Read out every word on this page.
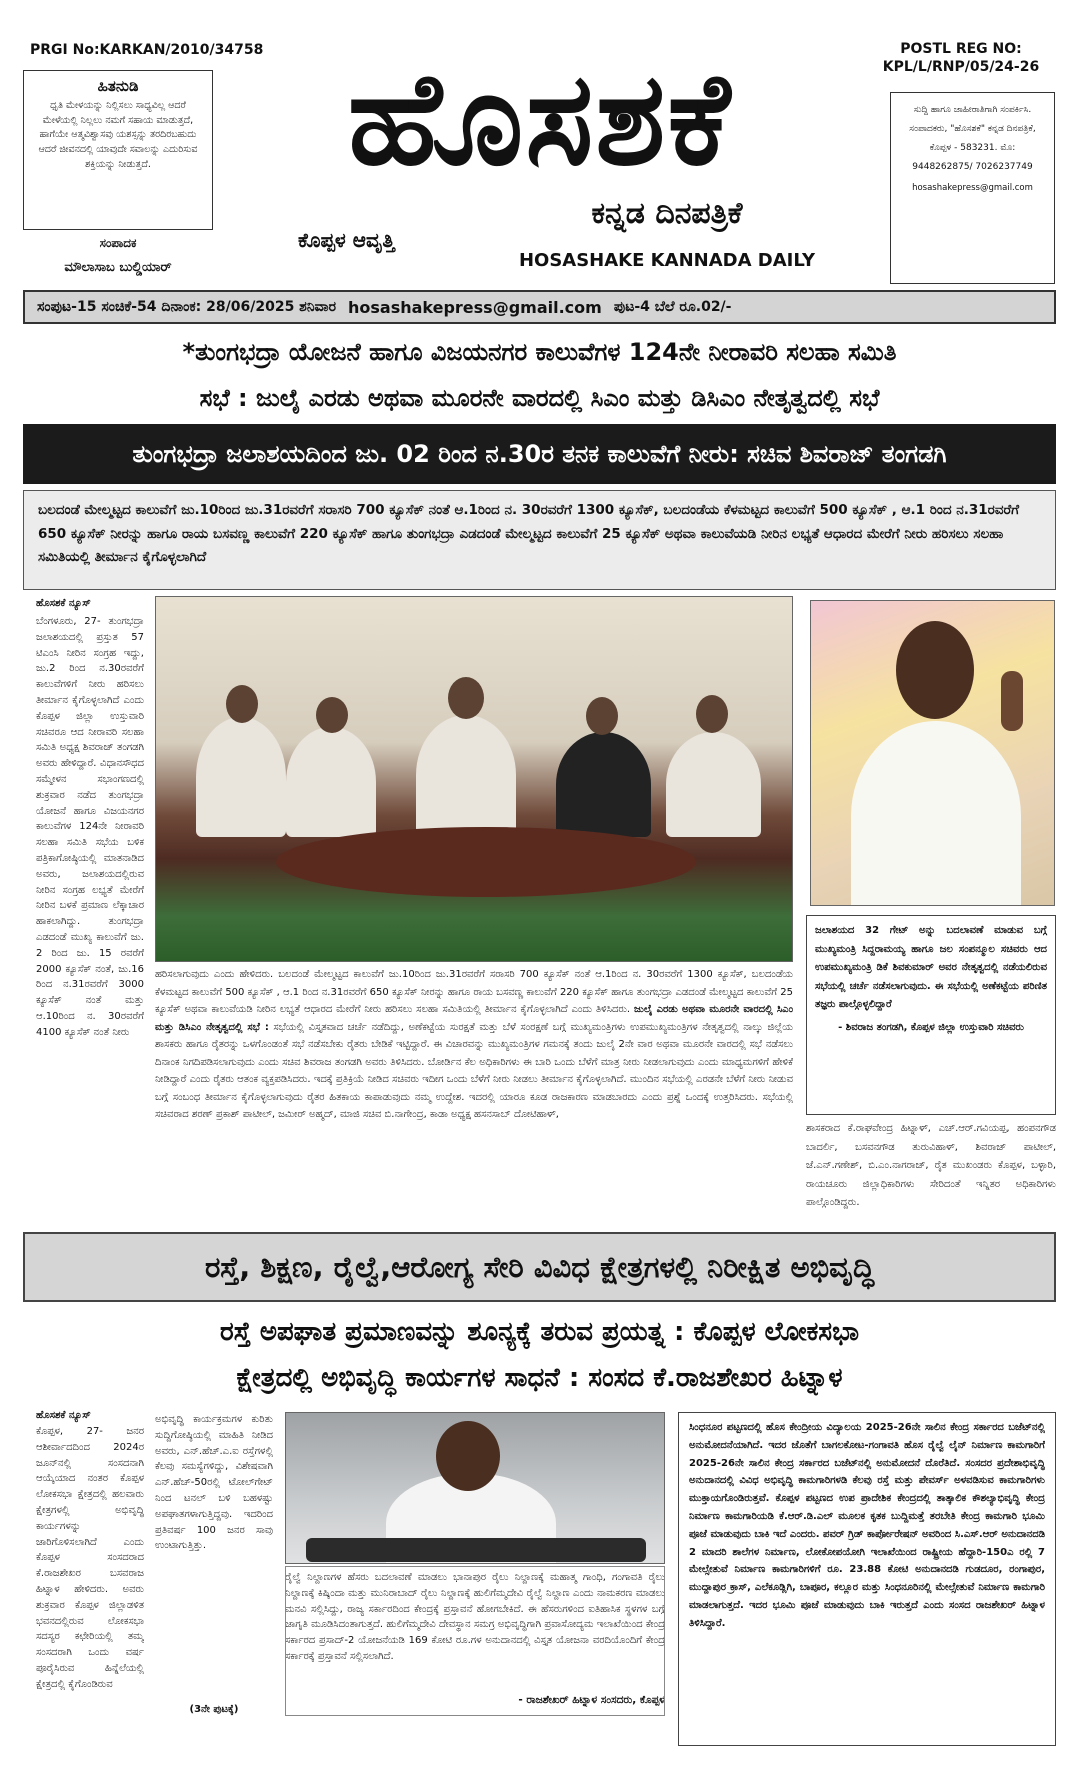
PRGI No:KARKAN/2010/34758	POSTL REG NO:
KPL/L/RNP/05/24-26
ಹಿತನುಡಿ
ಧೃತಿ ಮೇಳಯನ್ನು ನಿಲ್ಲಿಸಲು ಸಾಧ್ಯವಿಲ್ಲ ಆದರೆ ಮೇಳೆಯಲ್ಲಿ ನಿಲ್ಲಲು ನಮಗೆ ಸಹಾಯ ಮಾಡುತ್ತದೆ, ಹಾಗೆಯೇ ಆತ್ಮವಿಶ್ವಾಸವು ಯಶಸ್ಸನ್ನು ತರದಿರಬಹುದು ಆದರೆ ಜೀವನದಲ್ಲಿ ಯಾವುದೇ ಸವಾಲನ್ನು ಎದುರಿಸುವ ಶಕ್ತಿಯನ್ನು ನೀಡುತ್ತದೆ.
ಸಂಪಾದಕ
ಮೌಲಾಸಾಬ ಬುಲ್ಡಿಯಾರ್
ಹೊಸಶಕೆ
ಕೊಪ್ಪಳ ಆವೃತ್ತಿ
ಕನ್ನಡ ದಿನಪತ್ರಿಕೆ
HOSASHAKE KANNADA DAILY
ಸುದ್ದಿ ಹಾಗೂ ಜಾಹೀರಾತಿಗಾಗಿ ಸಂಪರ್ಕಿಸಿ. ಸಂಪಾದಕರು, "ಹೊಸಶಕೆ" ಕನ್ನಡ ದಿನಪತ್ರಿಕೆ, ಕೊಪ್ಪಳ - 583231. ಮೊ: 9448262875/ 7026237749
hosashakepress@gmail.com
ಸಂಪುಟ-15 ಸಂಚಿಕೆ-54 ದಿನಾಂಕ: 28/06/2025 ಶನಿವಾರ hosashakepress@gmail.com ಪುಟ-4 ಬೆಲೆ ರೂ.02/-
*ತುಂಗಭದ್ರಾ ಯೋಜನೆ ಹಾಗೂ ವಿಜಯನಗರ ಕಾಲುವೆಗಳ 124ನೇ ನೀರಾವರಿ ಸಲಹಾ ಸಮಿತಿ
ಸಭೆ : ಜುಲೈ ಎರಡು ಅಥವಾ ಮೂರನೇ ವಾರದಲ್ಲಿ ಸಿಎಂ ಮತ್ತು ಡಿಸಿಎಂ ನೇತೃತ್ವದಲ್ಲಿ ಸಭೆ
ತುಂಗಭದ್ರಾ ಜಲಾಶಯದಿಂದ ಜು. 02 ರಿಂದ ನ.30ರ ತನಕ ಕಾಲುವೆಗೆ ನೀರು: ಸಚಿವ ಶಿವರಾಜ್ ತಂಗಡಗಿ
ಬಲದಂಡೆ ಮೇಲ್ಮಟ್ಟದ ಕಾಲುವೆಗೆ ಜು.10ರಿಂದ ಜು.31ರವರೆಗೆ ಸರಾಸರಿ 700 ಕ್ಯೂಸೆಕ್ ನಂತೆ ಆ.1ರಿಂದ ನ. 30ರವರೆಗೆ 1300 ಕ್ಯೂಸೆಕ್, ಬಲದಂಡೆಯ ಕೆಳಮಟ್ಟದ ಕಾಲುವೆಗೆ 500 ಕ್ಯೂಸೆಕ್ , ಆ.1 ರಿಂದ ನ.31ರವರೆಗೆ 650 ಕ್ಯೂಸೆಕ್ ನೀರನ್ನು ಹಾಗೂ ರಾಯ ಬಸವಣ್ಣ ಕಾಲುವೆಗೆ 220 ಕ್ಯೂಸೆಕ್ ಹಾಗೂ ತುಂಗಭದ್ರಾ ಎಡದಂಡೆ ಮೇಲ್ಮಟ್ಟದ ಕಾಲುವೆಗೆ 25 ಕ್ಯೂಸೆಕ್ ಅಥವಾ ಕಾಲುವೆಯಡಿ ನೀರಿನ ಲಭ್ಯತೆ ಆಧಾರದ ಮೇರೆಗೆ ನೀರು ಹರಿಸಲು ಸಲಹಾ ಸಮಿತಿಯಲ್ಲಿ ತೀರ್ಮಾನ ಕೈಗೊಳ್ಳಲಾಗಿದೆ
ಹೊಸಶಕೆ ನ್ಯೂಸ್
ಬೆಂಗಳೂರು, 27- ತುಂಗಭದ್ರಾ ಜಲಾಶಯದಲ್ಲಿ ಪ್ರಸ್ತುತ 57 ಟಿಎಂಸಿ ನೀರಿನ ಸಂಗ್ರಹ ಇದ್ದು, ಜು.2 ರಿಂದ ನ.30ರವರೆಗೆ ಕಾಲುವೆಗಳಿಗೆ ನೀರು ಹರಿಸಲು ತೀರ್ಮಾನ ಕೈಗೊಳ್ಳಲಾಗಿದೆ ಎಂದು ಕೊಪ್ಪಳ ಜಿಲ್ಲಾ ಉಸ್ತುವಾರಿ ಸಚಿವರೂ ಆದ ನೀರಾವರಿ ಸಲಹಾ ಸಮಿತಿ ಅಧ್ಯಕ್ಷ ಶಿವರಾಜ್ ತಂಗಡಗಿ ಅವರು ಹೇಳಿದ್ದಾರೆ. ವಿಧಾನಸೌಧದ ಸಮ್ಮೇಳನ ಸಭಾಂಗಣದಲ್ಲಿ ಶುಕ್ರವಾರ ನಡೆದ ತುಂಗಭದ್ರಾ ಯೋಜನೆ ಹಾಗೂ ವಿಜಯನಗರ ಕಾಲುವೆಗಳ 124ನೇ ನೀರಾವರಿ ಸಲಹಾ ಸಮಿತಿ ಸಭೆಯ ಬಳಿಕ ಪತ್ರಿಕಾಗೋಷ್ಠಿಯಲ್ಲಿ ಮಾತನಾಡಿದ ಅವರು, ಜಲಾಶಯದಲ್ಲಿರುವ ನೀರಿನ ಸಂಗ್ರಹ ಲಭ್ಯತೆ ಮೇರೆಗೆ ನೀರಿನ ಬಳಕೆ ಪ್ರಮಾಣ ಲೆಕ್ಕಾಚಾರ ಹಾಕಲಾಗಿದ್ದು. ತುಂಗಭದ್ರಾ ಎಡದಂಡೆ ಮುಖ್ಯ ಕಾಲುವೆಗೆ ಜು. 2 ರಿಂದ ಜು. 15 ರವರೆಗೆ 2000 ಕ್ಯೂಸೆಕ್ ನಂತೆ, ಜು.16 ರಿಂದ ನ.31ರವರೆಗೆ 3000 ಕ್ಯೂಸೆಕ್ ನಂತೆ ಮತ್ತು ಆ.10ರಿಂದ ನ. 30ರವರೆಗೆ 4100 ಕ್ಯೂಸೆಕ್ ನಂತೆ ನೀರು
ಜಲಾಶಯದ 32 ಗೇಟ್ ಅನ್ನು ಬದಲಾವಣೆ ಮಾಡುವ ಬಗ್ಗೆ ಮುಖ್ಯಮಂತ್ರಿ ಸಿದ್ದರಾಮಯ್ಯ ಹಾಗೂ ಜಲ ಸಂಪನ್ಮೂಲ ಸಚಿವರು ಆದ ಉಪಮುಖ್ಯಮಂತ್ರಿ ಡಿಕೆ ಶಿವಕುಮಾರ್ ಅವರ ನೇತೃತ್ವದಲ್ಲಿ ನಡೆಯಲಿರುವ ಸಭೆಯಲ್ಲಿ ಚರ್ಚೆ ನಡೆಸಲಾಗುವುದು. ಈ ಸಭೆಯಲ್ಲಿ ಅಣೆಕಟ್ಟೆಯ ಪರಿಣಿತ ತಜ್ಞರು ಪಾಲ್ಗೊಳ್ಳಲಿದ್ದಾರೆ
- ಶಿವರಾಜ ತಂಗಡಗಿ, ಕೊಪ್ಪಳ ಜಿಲ್ಲಾ ಉಸ್ತುವಾರಿ ಸಚಿವರು
ಶಾಸಕರಾದ ಕೆ.ರಾಘವೇಂದ್ರ ಹಿಟ್ನಾಳ್, ಎಚ್.ಆರ್.ಗವಿಯಪ್ಪ, ಹಂಪನಗೌಡ ಬಾದರ್ಲಿ, ಬಸವನಗೌಡ ತುರುವಿಹಾಳ್, ಶಿವರಾಜ್ ಪಾಟೀಲ್, ಜೆ.ಎನ್.ಗಣೇಶ್, ಬಿ.ಎಂ.ನಾಗರಾಜ್, ರೈತ ಮುಖಂಡರು ಕೊಪ್ಪಳ, ಬಳ್ಳಾರಿ, ರಾಯಚೂರು ಜಿಲ್ಲಾಧಿಕಾರಿಗಳು ಸೇರಿದಂತೆ ಇನ್ನಿತರ ಅಧಿಕಾರಿಗಳು ಪಾಲ್ಗೊಂಡಿದ್ದರು.
ಹರಿಸಲಾಗುವುದು ಎಂದು ಹೇಳಿದರು. ಬಲದಂಡೆ ಮೇಲ್ಮಟ್ಟದ ಕಾಲುವೆಗೆ ಜು.10ರಿಂದ ಜು.31ರವರೆಗೆ ಸರಾಸರಿ 700 ಕ್ಯೂಸೆಕ್ ನಂತೆ ಆ.1ರಿಂದ ನ. 30ರವರೆಗೆ 1300 ಕ್ಯೂಸೆಕ್, ಬಲದಂಡೆಯ ಕೆಳಮಟ್ಟದ ಕಾಲುವೆಗೆ 500 ಕ್ಯೂಸೆಕ್ , ಆ.1 ರಿಂದ ನ.31ರವರೆಗೆ 650 ಕ್ಯೂಸೆಕ್ ನೀರನ್ನು ಹಾಗೂ ರಾಯ ಬಸವಣ್ಣ ಕಾಲುವೆಗೆ 220 ಕ್ಯೂಸೆಕ್ ಹಾಗೂ ತುಂಗಭದ್ರಾ ಎಡದಂಡೆ ಮೇಲ್ಮಟ್ಟದ ಕಾಲುವೆಗೆ 25 ಕ್ಯೂಸೆಕ್ ಅಥವಾ ಕಾಲುವೆಯಡಿ ನೀರಿನ ಲಭ್ಯತೆ ಆಧಾರದ ಮೇರೆಗೆ ನೀರು ಹರಿಸಲು ಸಲಹಾ ಸಮಿತಿಯಲ್ಲಿ ತೀರ್ಮಾನ ಕೈಗೊಳ್ಳಲಾಗಿದೆ ಎಂದು ತಿಳಿಸಿದರು. ಜುಲೈ ಎರಡು ಅಥವಾ ಮೂರನೇ ವಾರದಲ್ಲಿ ಸಿಎಂ ಮತ್ತು ಡಿಸಿಎಂ ನೇತೃತ್ವದಲ್ಲಿ ಸಭೆ : ಸಭೆಯಲ್ಲಿ ವಿಸ್ತೃತವಾದ ಚರ್ಚೆ ನಡೆದಿದ್ದು, ಅಣೆಕಟ್ಟೆಯ ಸುರಕ್ಷತೆ ಮತ್ತು ಬೆಳೆ ಸಂರಕ್ಷಣೆ ಬಗ್ಗೆ ಮುಖ್ಯಮಂತ್ರಿಗಳು ಉಪಮುಖ್ಯಮಂತ್ರಿಗಳ ನೇತೃತ್ವದಲ್ಲಿ ನಾಲ್ಕು ಜಿಲ್ಲೆಯ ಶಾಸಕರು ಹಾಗೂ ರೈತರನ್ನು ಒಳಗೊಂಡಂತೆ ಸಭೆ ನಡೆಸಬೇಕು ರೈತರು ಬೇಡಿಕೆ ಇಟ್ಟಿದ್ದಾರೆ. ಈ ವಿಚಾರವನ್ನು ಮುಖ್ಯಮಂತ್ರಿಗಳ ಗಮನಕ್ಕೆ ತಂದು ಜುಲೈ 2ನೇ ವಾರ ಅಥವಾ ಮೂರನೇ ವಾರದಲ್ಲಿ ಸಭೆ ನಡೆಸಲು ದಿನಾಂಕ ನಿಗದಿಪಡಿಸಲಾಗುವುದು ಎಂದು ಸಚಿವ ಶಿವರಾಜ ತಂಗಡಗಿ ಅವರು ತಿಳಿಸಿದರು. ಬೋರ್ಡಿನ ಕೆಲ ಅಧಿಕಾರಿಗಳು ಈ ಬಾರಿ ಒಂದು ಬೆಳೆಗೆ ಮಾತ್ರ ನೀರು ನೀಡಲಾಗುವುದು ಎಂದು ಮಾಧ್ಯಮಗಳಿಗೆ ಹೇಳಿಕೆ ನೀಡಿದ್ದಾರೆ ಎಂದು ರೈತರು ಆತಂಕ ವ್ಯಕ್ತಪಡಿಸಿದರು. ಇದಕ್ಕೆ ಪ್ರತಿಕ್ರಿಯೆ ನೀಡಿದ ಸಚಿವರು ಇದೀಗ ಒಂದು ಬೆಳೆಗೆ ನೀರು ನೀಡಲು ತೀರ್ಮಾನ ಕೈಗೊಳ್ಳಲಾಗಿದೆ. ಮುಂದಿನ ಸಭೆಯಲ್ಲಿ ಎರಡನೇ ಬೆಳೆಗೆ ನೀರು ನೀಡುವ ಬಗ್ಗೆ ಸಂಬಂಧ ತೀರ್ಮಾನ ಕೈಗೊಳ್ಳಲಾಗುವುದು ರೈತರ ಹಿತಕಾಯ ಕಾಪಾಡುವುದು ನಮ್ಮ ಉದ್ದೇಶ. ಇದರಲ್ಲಿ ಯಾರೂ ಕೂಡ ರಾಜಕಾರಣ ಮಾಡಬಾರದು ಎಂದು ಪ್ರಶ್ನೆ ಒಂದಕ್ಕೆ ಉತ್ತರಿಸಿದರು. ಸಭೆಯಲ್ಲಿ ಸಚಿವರಾದ ಶರಣ್ ಪ್ರಕಾಶ್ ಪಾಟೀಲ್, ಜಮೀರ್ ಅಹ್ಮದ್, ಮಾಜಿ ಸಚಿವ ಬಿ.ನಾಗೇಂದ್ರ, ಕಾಡಾ ಅಧ್ಯಕ್ಷ ಹಸನಸಾಬ್ ದೋಟಿಹಾಳ್,
ರಸ್ತೆ, ಶಿಕ್ಷಣ, ರೈಲ್ವೆ,ಆರೋಗ್ಯ ಸೇರಿ ವಿವಿಧ ಕ್ಷೇತ್ರಗಳಲ್ಲಿ ನಿರೀಕ್ಷಿತ ಅಭಿವೃದ್ಧಿ
ರಸ್ತೆ ಅಪಘಾತ ಪ್ರಮಾಣವನ್ನು ಶೂನ್ಯಕ್ಕೆ ತರುವ ಪ್ರಯತ್ನ : ಕೊಪ್ಪಳ ಲೋಕಸಭಾ
ಕ್ಷೇತ್ರದಲ್ಲಿ ಅಭಿವೃದ್ಧಿ ಕಾರ್ಯಗಳ ಸಾಧನೆ : ಸಂಸದ ಕೆ.ರಾಜಶೇಖರ ಹಿಟ್ನಾಳ
ಹೊಸಶಕೆ ನ್ಯೂಸ್
ಕೊಪ್ಪಳ, 27- ಜನರ ಆಶೀರ್ವಾದದಿಂದ 2024ರ ಜೂನ್‌ನಲ್ಲಿ ಸಂಸದನಾಗಿ ಆಯ್ಕೆಯಾದ ನಂತರ ಕೊಪ್ಪಳ ಲೋಕಸಭಾ ಕ್ಷೇತ್ರದಲ್ಲಿ ಹಲವಾರು ಕ್ಷೇತ್ರಗಳಲ್ಲಿ ಅಭಿವೃದ್ಧಿ ಕಾರ್ಯಗಳನ್ನು ಜಾರಿಗೊಳಿಸಲಾಗಿದೆ ಎಂದು ಕೊಪ್ಪಳ ಸಂಸದರಾದ ಕೆ.ರಾಜಶೇಖರ ಬಸವರಾಜ ಹಿಟ್ನಾಳ ಹೇಳಿದರು. ಅವರು ಶುಕ್ರವಾರ ಕೊಪ್ಪಳ ಜಿಲ್ಲಾಡಳಿತ ಭವನದಲ್ಲಿರುವ ಲೋಕಸಭಾ ಸದಸ್ಯರ ಕಛೇರಿಯಲ್ಲಿ ತಮ್ಮ ಸಂಸದರಾಗಿ ಒಂದು ವರ್ಷ ಪೂರೈಸಿರುವ ಹಿನ್ನೆಲೆಯಲ್ಲಿ ಕ್ಷೇತ್ರದಲ್ಲಿ ಕೈಗೊಂಡಿರುವ
ಅಭಿವೃದ್ಧಿ ಕಾರ್ಯಕ್ರಮಗಳ ಕುರಿತು ಸುದ್ದಿಗೋಷ್ಠಿಯಲ್ಲಿ ಮಾಹಿತಿ ನೀಡಿದ ಅವರು, ಎನ್.ಹೆಚ್.ಎ.ಐ ರಸ್ತೆಗಳಲ್ಲಿ ಕೆಲವು ಸಮಸ್ಯೆಗಳಿದ್ದು, ವಿಶೇಷವಾಗಿ ಎನ್.ಹೆಚ್-50ರಲ್ಲಿ ಟೋಲ್‌ಗೇಟ್ ನಿಂದ ಟನಲ್ ಬಳಿ ಬಹಳಷ್ಟು ಅಪಘಾತಗಳಾಗುತ್ತಿದ್ದವು. ಇದರಿಂದ ಪ್ರತಿವರ್ಷ 100 ಜನರ ಸಾವು ಉಂಟಾಗುತ್ತಿತ್ತು.
(3ನೇ ಪುಟಕ್ಕೆ)
ರೈಲ್ವೆ ನಿಲ್ದಾಣಗಳ ಹೆಸರು ಬದಲಾವಣೆ ಮಾಡಲು ಭಾನಾಪುರ ರೈಲು ನಿಲ್ದಾಣಕ್ಕೆ ಮಹಾತ್ಮ ಗಾಂಧಿ, ಗಂಗಾವತಿ ರೈಲು ನಿಲ್ದಾಣಕ್ಕೆ ಕಿಷ್ಕಿಂದಾ ಮತ್ತು ಮುನಿರಾಬಾದ್ ರೈಲು ನಿಲ್ದಾಣಕ್ಕೆ ಹುಲಿಗೆಮ್ಮದೇವಿ ರೈಲ್ವೆ ನಿಲ್ದಾಣ ಎಂದು ನಾಮಕರಣ ಮಾಡಲು ಮನವಿ ಸಲ್ಲಿಸಿದ್ದು, ರಾಜ್ಯ ಸರ್ಕಾರದಿಂದ ಕೇಂದ್ರಕ್ಕೆ ಪ್ರಸ್ತಾವನೆ ಹೋಗಬೇಕಿದೆ. ಈ ಹೆಸರುಗಳಿಂದ ಐತಿಹಾಸಿಕ ಸ್ಥಳಗಳ ಬಗ್ಗೆ ಜಾಗೃತಿ ಮೂಡಿಸಿದಂತಾಗುತ್ತದೆ. ಹುಲಿಗೆಮ್ಮದೇವಿ ದೇವಸ್ಥಾನ ಸಮಗ್ರ ಅಭಿವೃದ್ಧಿಗಾಗಿ ಪ್ರವಾಸೋದ್ಯಮ ಇಲಾಖೆಯಿಂದ ಕೇಂದ್ರ ಸರ್ಕಾರದ ಪ್ರಸಾದ್-2 ಯೋಜನೆಯಡಿ 169 ಕೋಟಿ ರೂ.ಗಳ ಅನುದಾನದಲ್ಲಿ ವಿಸ್ತೃತ ಯೋಜನಾ ವರದಿಯೊಂದಿಗೆ ಕೇಂದ್ರ ಸರ್ಕಾರಕ್ಕೆ ಪ್ರಸ್ತಾವನೆ ಸಲ್ಲಿಸಲಾಗಿದೆ.
- ರಾಜಶೇಖರ್ ಹಿಟ್ನಾಳ ಸಂಸದರು, ಕೊಪ್ಪಳ
ಸಿಂಧನೂರ ಪಟ್ಟಣದಲ್ಲಿ ಹೊಸ ಕೇಂದ್ರೀಯ ವಿದ್ಯಾಲಯ 2025-26ನೇ ಸಾಲಿನ ಕೇಂದ್ರ ಸರ್ಕಾರದ ಬಜೆಟ್‌ನಲ್ಲಿ ಅನುಮೋದನೆಯಾಗಿದೆ. ಇದರ ಜೊತೆಗೆ ಬಾಗಲಕೋಟ-ಗಂಗಾವತಿ ಹೊಸ ರೈಲ್ವೆ ಲೈನ್ ನಿರ್ಮಾಣ ಕಾಮಗಾರಿಗೆ 2025-26ನೇ ಸಾಲಿನ ಕೇಂದ್ರ ಸರ್ಕಾರದ ಬಜೆಟ್‌ನಲ್ಲಿ ಅನುಮೋದನೆ ದೊರೆತಿದೆ. ಸಂಸದರ ಪ್ರದೇಶಾಭಿವೃದ್ಧಿ ಅನುದಾನದಲ್ಲಿ ವಿವಿಧ ಅಭಿವೃದ್ಧಿ ಕಾಮಗಾರಿಗಳಡಿ ಕೆಲವು ರಸ್ತೆ ಮತ್ತು ಪೇವರ್ಸ್ ಅಳವಡಿಸುವ ಕಾಮಗಾರಿಗಳು ಮುಕ್ತಾಯಗೊಂಡಿರುತ್ತವೆ. ಕೊಪ್ಪಳ ಪಟ್ಟಣದ ಉಪ ಪ್ರಾದೇಶಿಕ ಕೇಂದ್ರದಲ್ಲಿ ತಾತ್ಕಾಲಿಕ ಕೌಶಲ್ಯಾಭಿವೃದ್ಧಿ ಕೇಂದ್ರ ನಿರ್ಮಾಣ ಕಾಮಗಾರಿಯಡಿ ಕೆ.ಆರ್.ಡಿ.ಎಲ್ ಮೂಲಕ ಕೃತಕ ಬುದ್ದಿಮತ್ತೆ ತರಬೇತಿ ಕೇಂದ್ರ ಕಾಮಗಾರಿ ಭೂಮಿ ಪೂಜೆ ಮಾಡುವುದು ಬಾಕಿ ಇದೆ ಎಂದರು. ಪವರ್ ಗ್ರಿಡ್ ಕಾರ್ಪೋರೇಷನ್ ಅವರಿಂದ ಸಿ.ಎಸ್.ಆರ್ ಅನುದಾನದಡಿ 2 ಮಾದರಿ ಶಾಲೆಗಳ ನಿರ್ಮಾಣ, ಲೋಕೋಪಯೋಗಿ ಇಲಾಖೆಯಿಂದ ರಾಷ್ಟ್ರೀಯ ಹೆದ್ದಾರಿ-150ಎ ರಲ್ಲಿ 7 ಮೇಲ್ಸೇತುವೆ ನಿರ್ಮಾಣ ಕಾಮಗಾರಿಗಳಿಗೆ ರೂ. 23.88 ಕೋಟಿ ಅನುದಾನದಡಿ ಗುಡದೂರ, ರಂಗಾಪುರ, ಮುದ್ದಾಪುರ ಕ್ರಾಸ್, ಎಲೆಕೂಡ್ಲಿಗಿ, ಬಾಪೂರ, ಕಲ್ಲೂರ ಮತ್ತು ಸಿಂಧನೂರಿನಲ್ಲಿ ಮೇಲ್ಸೇತುವೆ ನಿರ್ಮಾಣ ಕಾಮಗಾರಿ ಮಾಡಲಾಗುತ್ತದೆ. ಇದರ ಭೂಮಿ ಪೂಜೆ ಮಾಡುವುದು ಬಾಕಿ ಇರುತ್ತದೆ ಎಂದು ಸಂಸದ ರಾಜಶೇಖರ್ ಹಿಟ್ನಾಳ ತಿಳಿಸಿದ್ದಾರೆ.
